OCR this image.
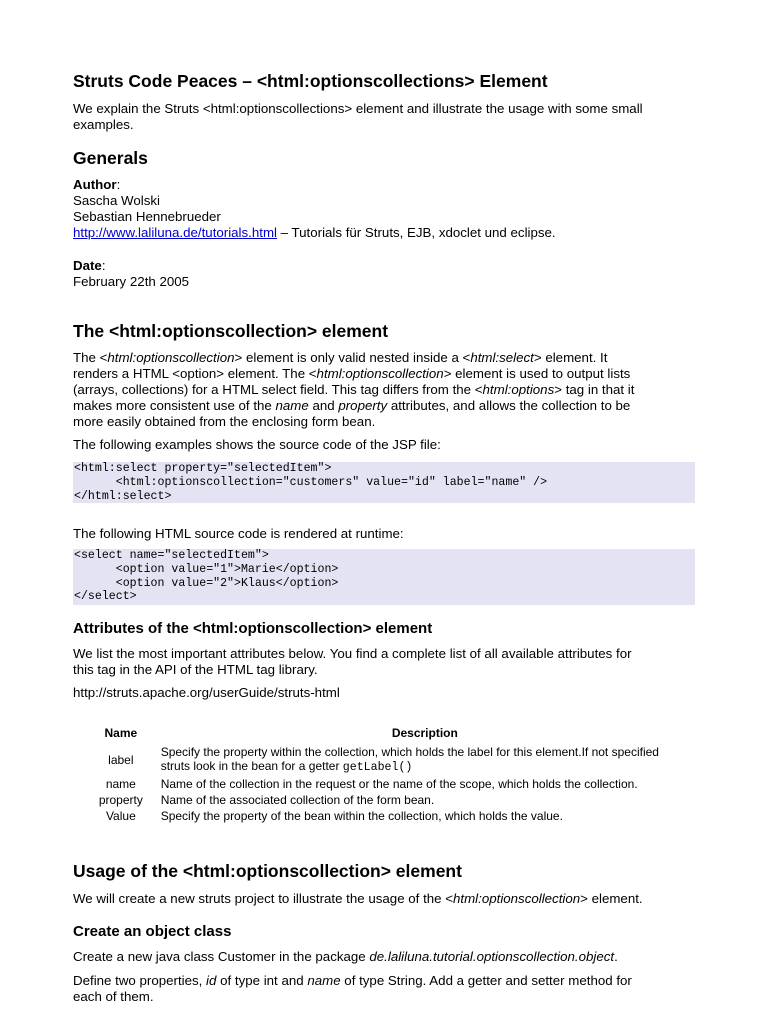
Struts Code Peaces – <html:optionscollections> Element
We explain the Struts <html:optionscollections> element and illustrate the usage with some small examples.
Generals
Author:
Sascha Wolski
Sebastian Hennebrueder
http://www.laliluna.de/tutorials.html – Tutorials für Struts, EJB, xdoclet und eclipse.
Date:
February 22th 2005
The <html:optionscollection> element
The <html:optionscollection> element is only valid nested inside a <html:select> element. It
renders a HTML <option> element. The <html:optionscollection> element is used to output lists
(arrays, collections) for a HTML select field. This tag differs from the <html:options> tag in that it
makes more consistent use of the name and property attributes, and allows the collection to be
more easily obtained from the enclosing form bean.
The following examples shows the source code of the JSP file:
<html:select property="selectedItem">
<html:optionscollection="customers" value="id" label="name" />
</html:select>
The following HTML source code is rendered at runtime:
<select name="selectedItem">
<option value="1">Marie</option>
<option value="2">Klaus</option>
</select>
Attributes of the <html:optionscollection> element
We list the most important attributes below. You find a complete list of all available attributes for
this tag in the API of the HTML tag library.
http://struts.apache.org/userGuide/struts-html
Name	Description
label	Specify the property within the collection, which holds the label for this element.If not specified
struts look in the bean for a getter getLabel()

name	Name of the collection in the request or the name of the scope, which holds the collection.
property	Name of the associated collection of the form bean.
Value	Specify the property of the bean within the collection, which holds the value.
Usage of the <html:optionscollection> element
We will create a new struts project to illustrate the usage of the <html:optionscollection> element.
Create an object class
Create a new java class Customer in the package de.laliluna.tutorial.optionscollection.object.
Define two properties, id of type int and name of type String. Add a getter and setter method for
each of them.
